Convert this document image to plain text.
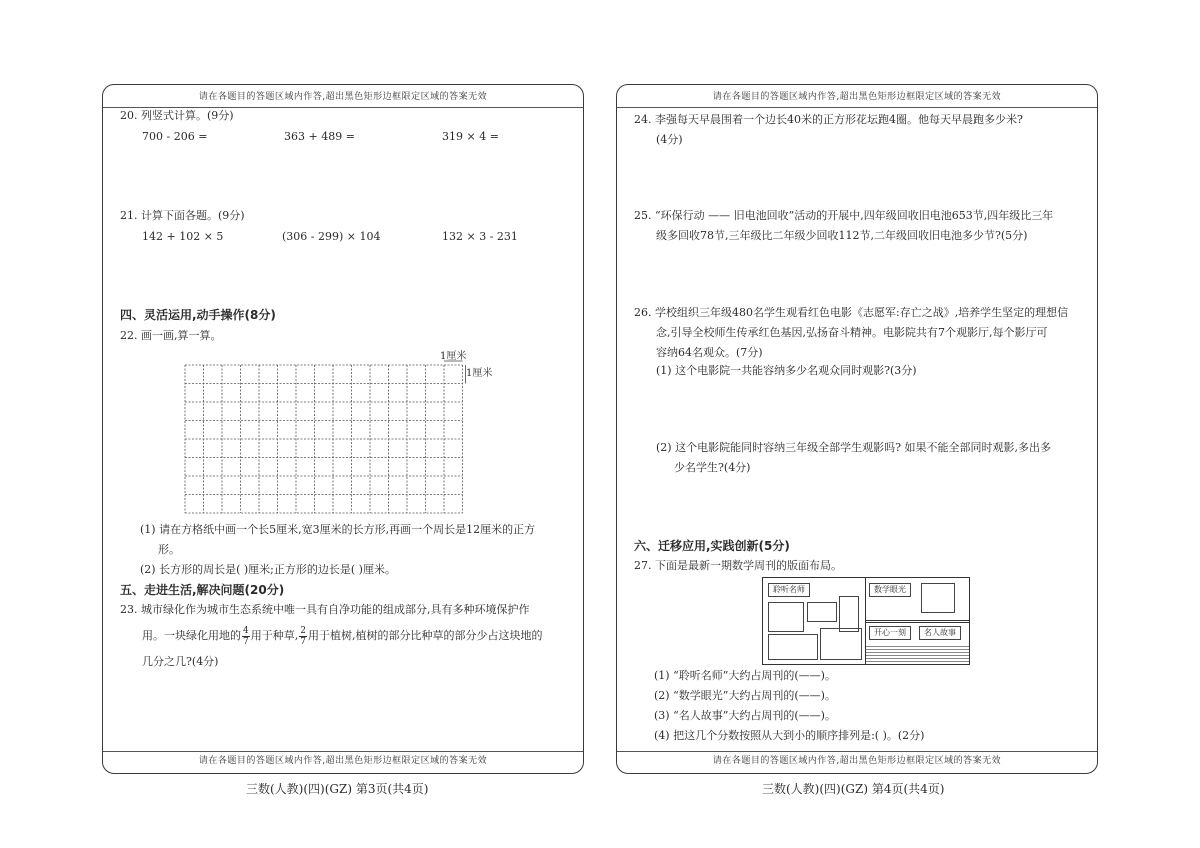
请在各题目的答题区域内作答,超出黑色矩形边框限定区域的答案无效
请在各题目的答题区域内作答,超出黑色矩形边框限定区域的答案无效
20. 列竖式计算。(9分)
700 - 206 =	363 + 489 =	319 × 4 =
21. 计算下面各题。(9分)
142 + 102 × 5	(306 - 299) × 104	132 × 3 - 231
四、灵活运用,动手操作(8分)
22. 画一画,算一算。
1厘米
1厘米
(1) 请在方格纸中画一个长5厘米,宽3厘米的长方形,再画一个周长是12厘米的正方
形。
(2) 长方形的周长是( )厘米;正方形的边长是( )厘米。
五、走进生活,解决问题(20分)
23. 城市绿化作为城市生态系统中唯一具有自净功能的组成部分,具有多种环境保护作
用。一块绿化用地的 $\frac{4}{7}$ 用于种草, $\frac{2}{7}$ 用于植树,植树的部分比种草的部分少占这块地的
几分之几?(4分)
三数(人教)(四)(GZ) 第3页(共4页)
请在各题目的答题区域内作答,超出黑色矩形边框限定区域的答案无效
请在各题目的答题区域内作答,超出黑色矩形边框限定区域的答案无效
24. 李强每天早晨围着一个边长40米的正方形花坛跑4圈。他每天早晨跑多少米?
(4分)
25. “环保行动 —— 旧电池回收”活动的开展中,四年级回收旧电池653节,四年级比三年
级多回收78节,三年级比二年级少回收112节,二年级回收旧电池多少节?(5分)
26. 学校组织三年级480名学生观看红色电影《志愿军:存亡之战》,培养学生坚定的理想信
念,引导全校师生传承红色基因,弘扬奋斗精神。电影院共有7个观影厅,每个影厅可
容纳64名观众。(7分)
(1) 这个电影院一共能容纳多少名观众同时观影?(3分)
(2) 这个电影院能同时容纳三年级全部学生观影吗? 如果不能全部同时观影,多出多
少名学生?(4分)
六、迁移应用,实践创新(5分)
27. 下面是最新一期数学周刊的版面布局。
聆听名师	数学眼光
开心一刻	名人故事
(1) “聆听名师”大约占周刊的(——)。
(2) “数学眼光”大约占周刊的(——)。
(3) “名人故事”大约占周刊的(——)。
(4) 把这几个分数按照从大到小的顺序排列是:( )。(2分)
三数(人教)(四)(GZ) 第4页(共4页)
